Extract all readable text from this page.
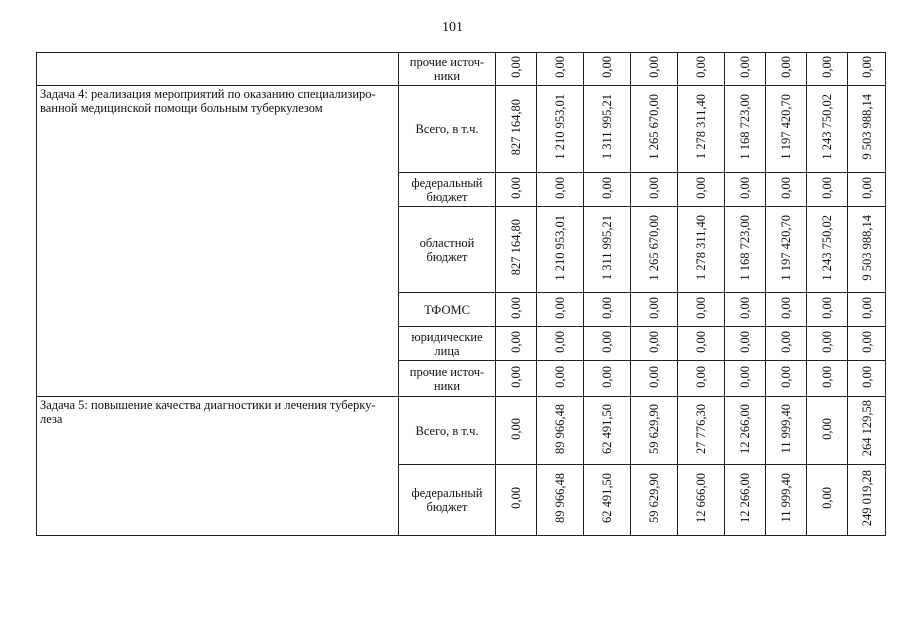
101
	прочие источ-
ники	0,00	0,00	0,00	0,00	0,00	0,00	0,00	0,00	0,00
Задача 4: реализация мероприятий по оказанию специализиро-
ванной медицинской помощи больным туберкулезом	Всего, в т.ч.	827 164,80	1 210 953,01	1 311 995,21	1 265 670,00	1 278 311,40	1 168 723,00	1 197 420,70	1 243 750,02	9 503 988,14
	федеральный
бюджет	0,00	0,00	0,00	0,00	0,00	0,00	0,00	0,00	0,00
	областной
бюджет	827 164,80	1 210 953,01	1 311 995,21	1 265 670,00	1 278 311,40	1 168 723,00	1 197 420,70	1 243 750,02	9 503 988,14
	ТФОМС	0,00	0,00	0,00	0,00	0,00	0,00	0,00	0,00	0,00
	юридические
лица	0,00	0,00	0,00	0,00	0,00	0,00	0,00	0,00	0,00
	прочие источ-
ники	0,00	0,00	0,00	0,00	0,00	0,00	0,00	0,00	0,00
Задача 5: повышение качества диагностики и лечения туберку-
леза	Всего, в т.ч.	0,00	89 966,48	62 491,50	59 629,90	27 776,30	12 266,00	11 999,40	0,00	264 129,58
	федеральный
бюджет	0,00	89 966,48	62 491,50	59 629,90	12 666,00	12 266,00	11 999,40	0,00	249 019,28
